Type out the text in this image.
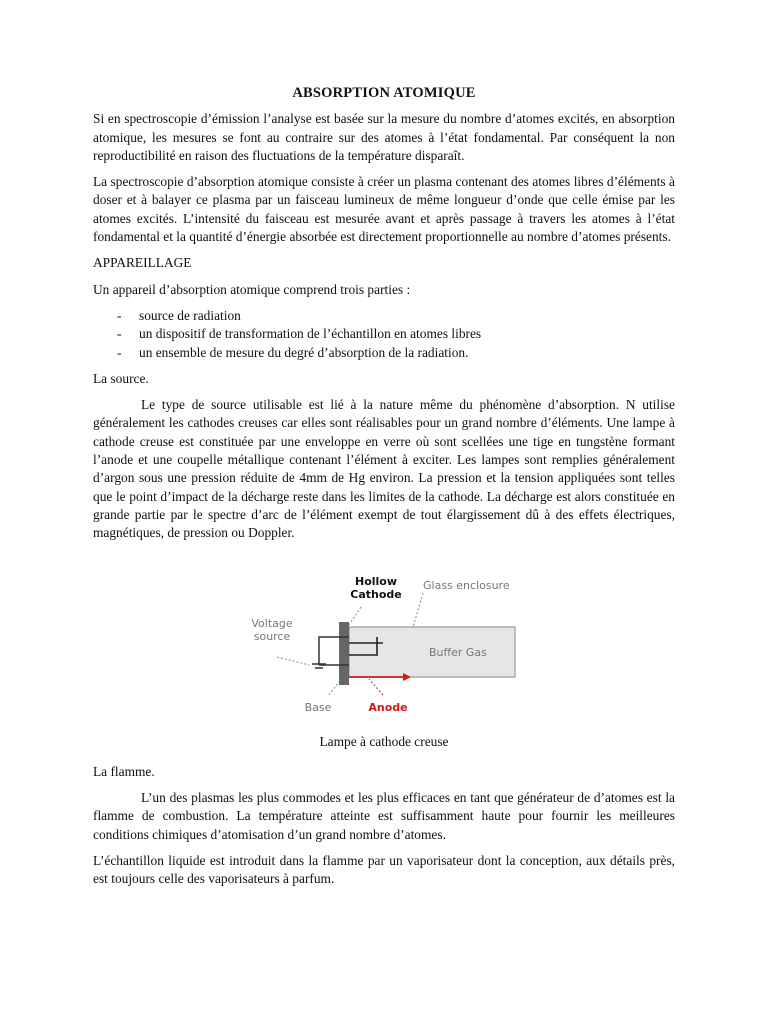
ABSORPTION ATOMIQUE

Si en spectroscopie d’émission l’analyse est basée sur la mesure du nombre d’atomes excités, en absorption atomique, les mesures se font au contraire sur des atomes à l’état fondamental. Par conséquent la non reproductibilité en raison des fluctuations de la température disparaît.

La spectroscopie d’absorption atomique consiste à créer un plasma contenant des atomes libres d’éléments à doser et à balayer ce plasma par un faisceau lumineux de même longueur d’onde que celle émise par les atomes excités. L’intensité du faisceau est mesurée avant et après passage à travers les atomes à l’état fondamental et la quantité d’énergie absorbée est directement proportionnelle au nombre d’atomes présents.

APPAREILLAGE

Un appareil d’absorption atomique comprend trois parties :

- source de radiation
- un dispositif de transformation de l’échantillon en atomes libres
- un ensemble de mesure du degré d’absorption de la radiation.
La source.

Le type de source utilisable est lié à la nature même du phénomène d’absorption. N utilise généralement les cathodes creuses car elles sont réalisables pour un grand nombre d’éléments. Une lampe à cathode creuse est constituée par une enveloppe en verre où sont scellées une tige en tungstène formant l’anode et une coupelle métallique contenant l’élément à exciter. Les lampes sont remplies généralement d’argon sous une pression réduite de 4mm de Hg environ. La pression et la tension appliquées sont telles que le point d’impact de la décharge reste dans les limites de la cathode. La décharge est alors constituée en grande partie par le spectre d’arc de l’élément exempt de tout élargissement dû à des effets électriques, magnétiques, de pression ou Doppler.

Hollow
Cathode
Glass enclosure
Voltage
source
Buffer Gas
Base	Anode
Lampe à cathode creuse
La flamme.

L’un des plasmas les plus commodes et les plus efficaces en tant que générateur de d’atomes est la flamme de combustion. La température atteinte est suffisamment haute pour fournir les meilleures conditions chimiques d’atomisation d’un grand nombre d’atomes.

L’échantillon liquide est introduit dans la flamme par un vaporisateur dont la conception, aux détails près, est toujours celle des vaporisateurs à parfum.
